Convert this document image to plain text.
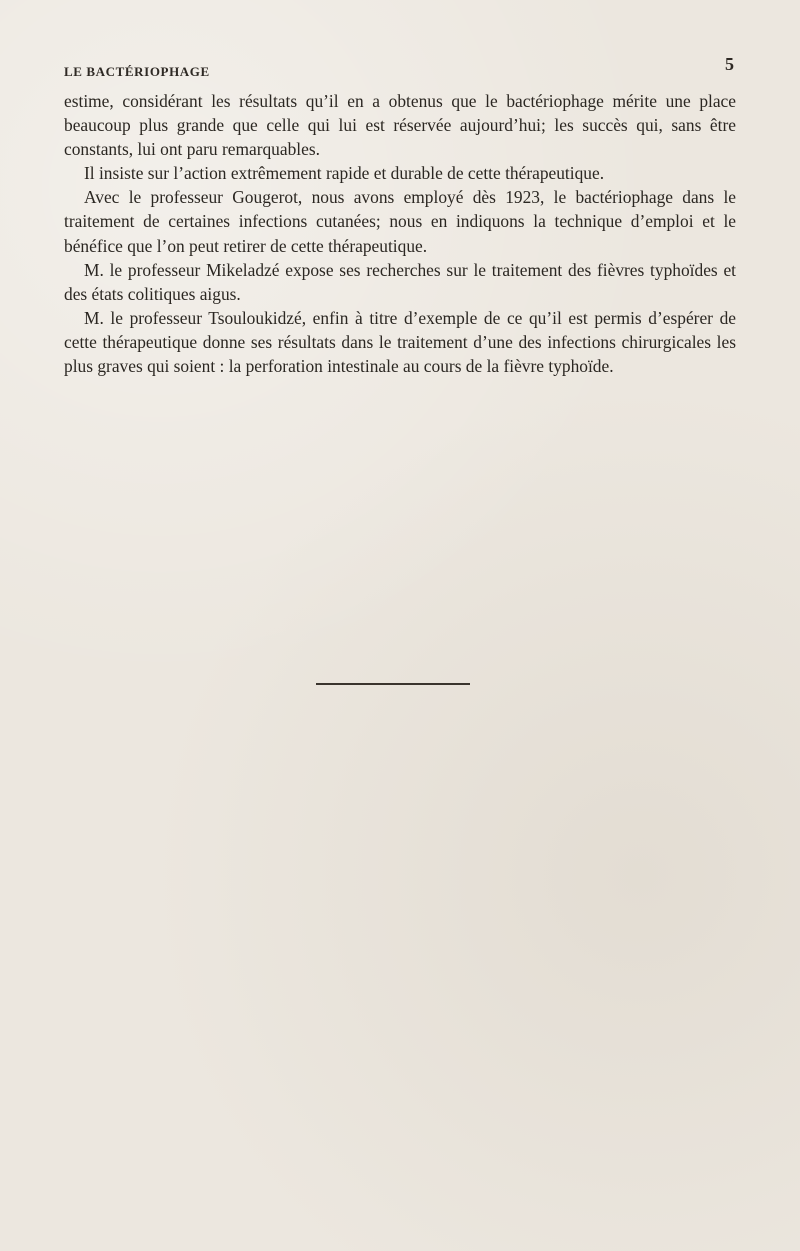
LE BACTÉRIOPHAGE	5

estime, considérant les résultats qu’il en a obtenus que le bactériophage mérite une place beaucoup plus grande que celle qui lui est réservée aujourd’hui; les succès qui, sans être constants, lui ont paru remarquables.

Il insiste sur l’action extrêmement rapide et durable de cette thérapeutique.

Avec le professeur Gougerot, nous avons employé dès 1923, le bactériophage dans le traitement de certaines infections cutanées; nous en indiquons la technique d’emploi et le bénéfice que l’on peut retirer de cette thérapeutique.

M. le professeur Mikeladzé expose ses recherches sur le traitement des fièvres typhoïdes et des états colitiques aigus.

M. le professeur Tsouloukidzé, enfin à titre d’exemple de ce qu’il est permis d’espérer de cette thérapeutique donne ses résultats dans le traitement d’une des infections chirurgicales les plus graves qui soient : la perforation intestinale au cours de la fièvre typhoïde.
